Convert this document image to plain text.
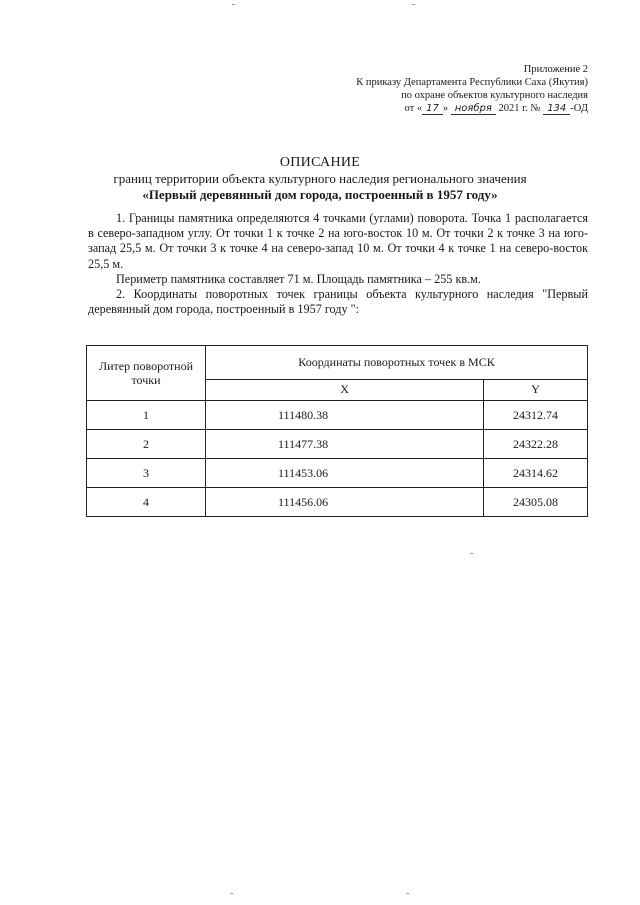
Приложение 2
К приказу Департамента Республики Саха (Якутия)
по охране объектов культурного наследия
от « 17 » ноября 2021 г. № 134 -ОД
ОПИСАНИЕ
границ территории объекта культурного наследия регионального значения
«Первый деревянный дом города, построенный в 1957 году»

1. Границы памятника определяются 4 точками (углами) поворота. Точка 1 располагается в северо-западном углу. От точки 1 к точке 2 на юго-восток 10 м. От точки 2 к точке 3 на юго-запад 25,5 м. От точки 3 к точке 4 на северо-запад 10 м. От точки 4 к точке 1 на северо-восток 25,5 м.

Периметр памятника составляет 71 м. Площадь памятника – 255 кв.м.

2. Координаты поворотных точек границы объекта культурного наследия "Первый деревянный дом города, построенный в 1957 году ":

Литер поворотной точки	Координаты поворотных точек в МСК	
	X	Y
1	111480.38	24312.74
2	111477.38	24322.28
3	111453.06	24314.62
4	111456.06	24305.08
